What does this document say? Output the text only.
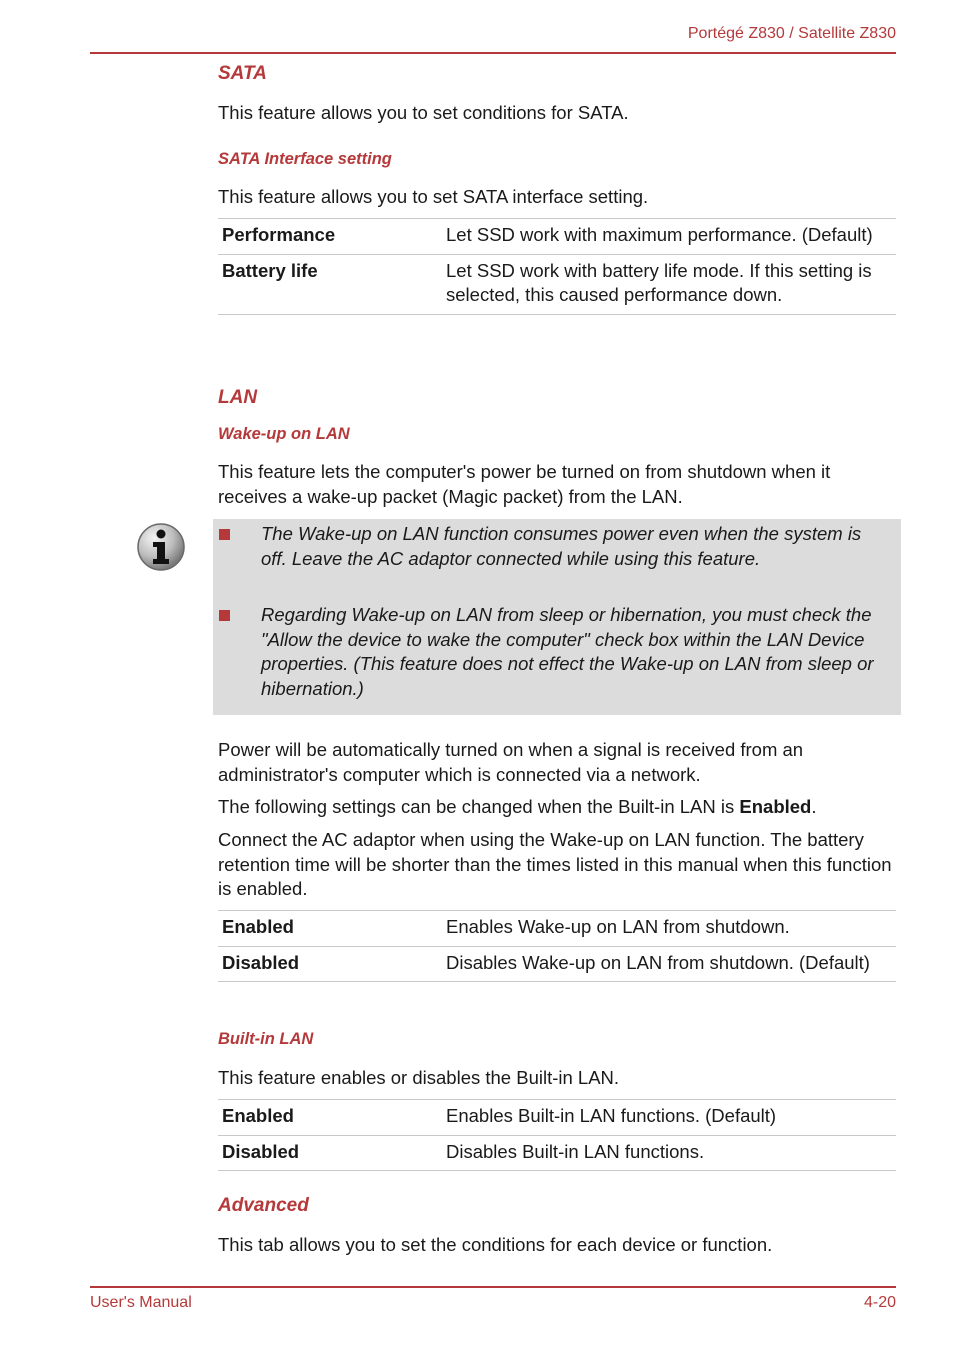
Portégé Z830 / Satellite Z830
SATA
This feature allows you to set conditions for SATA.
SATA Interface setting
This feature allows you to set SATA interface setting.
Performance	Let SSD work with maximum performance. (Default)
Battery life	Let SSD work with battery life mode. If this setting is selected, this caused performance down.
LAN
Wake-up on LAN
This feature lets the computer's power be turned on from shutdown when it receives a wake-up packet (Magic packet) from the LAN.
The Wake-up on LAN function consumes power even when the system is off. Leave the AC adaptor connected while using this feature.
Regarding Wake-up on LAN from sleep or hibernation, you must check the "Allow the device to wake the computer" check box within the LAN Device properties. (This feature does not effect the Wake-up on LAN from sleep or hibernation.)
Power will be automatically turned on when a signal is received from an administrator's computer which is connected via a network.
The following settings can be changed when the Built-in LAN is Enabled.
Connect the AC adaptor when using the Wake-up on LAN function. The battery retention time will be shorter than the times listed in this manual when this function is enabled.
Enabled	Enables Wake-up on LAN from shutdown.
Disabled	Disables Wake-up on LAN from shutdown. (Default)
Built-in LAN
This feature enables or disables the Built-in LAN.
Enabled	Enables Built-in LAN functions. (Default)
Disabled	Disables Built-in LAN functions.
Advanced
This tab allows you to set the conditions for each device or function.
User's Manual	4-20
